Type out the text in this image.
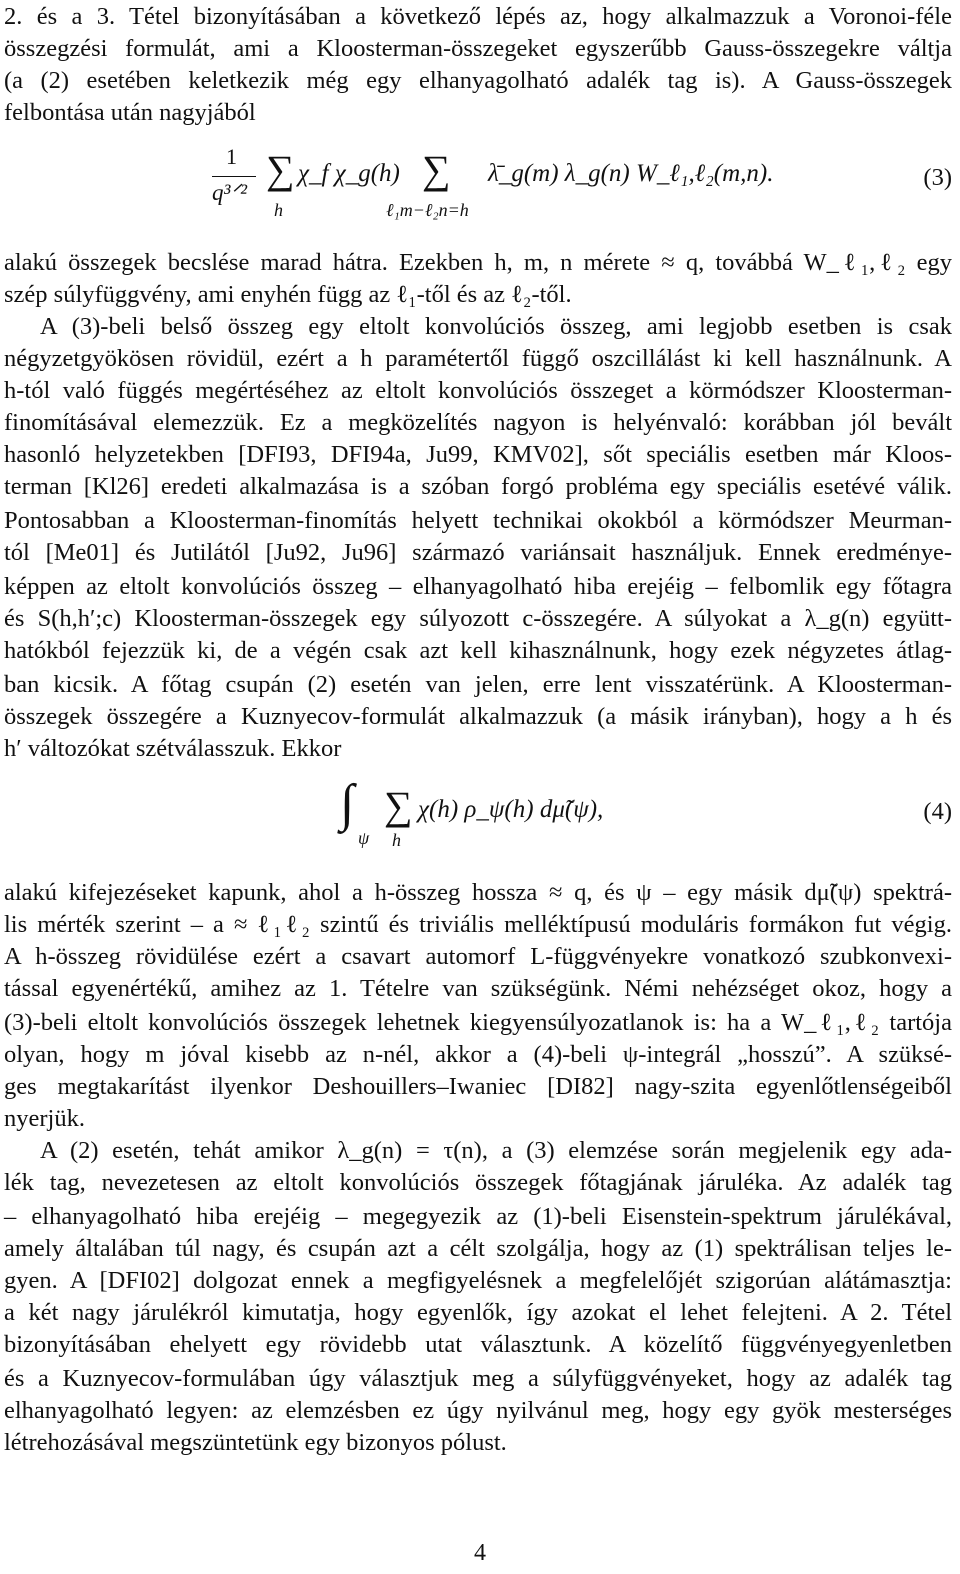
2. és a 3. Tétel bizonyításában a következő lépés az, hogy alkalmazzuk a Voronoi-féle
összegzési formulát, ami a Kloosterman-összegeket egyszerűbb Gauss-összegekre váltja
(a (2) esetében keletkezik még egy elhanyagolható adalék tag is). A Gauss-összegek
felbontása után nagyjából
1
q³ᐟ²
∑
h
χ_f χ_g(h) ∑
ℓ₁m−ℓ₂n=h
λ̄_g(m) λ_g(n) W_ℓ₁,ℓ₂(m,n).	(3)
alakú összegek becslése marad hátra. Ezekben h, m, n mérete ≈ q, továbbá W_ℓ₁,ℓ₂ egy
szép súlyfüggvény, ami enyhén függ az ℓ₁-től és az ℓ₂-től.
A (3)-beli belső összeg egy eltolt konvolúciós összeg, ami legjobb esetben is csak
négyzetgyökösen rövidül, ezért a h paramétertől függő oszcillálást ki kell használnunk. A
h-tól való függés megértéséhez az eltolt konvolúciós összeget a körmódszer Kloosterman-
finomításával elemezzük. Ez a megközelítés nagyon is helyénvaló: korábban jól bevált
hasonló helyzetekben [DFI93, DFI94a, Ju99, KMV02], sőt speciális esetben már Kloos-
terman [Kl26] eredeti alkalmazása is a szóban forgó probléma egy speciális esetévé válik.
Pontosabban a Kloosterman-finomítás helyett technikai okokból a körmódszer Meurman-
tól [Me01] és Jutilától [Ju92, Ju96] származó variánsait használjuk. Ennek eredménye-
képpen az eltolt konvolúciós összeg – elhanyagolható hiba erejéig – felbomlik egy főtagra
és S(h,h′;c) Kloosterman-összegek egy súlyozott c-összegére. A súlyokat a λ_g(n) együtt-
hatókból fejezzük ki, de a végén csak azt kell kihasználnunk, hogy ezek négyzetes átlag-
ban kicsik. A főtag csupán (2) esetén van jelen, erre lent visszatérünk. A Kloosterman-
összegek összegére a Kuznyecov-formulát alkalmazzuk (a másik irányban), hogy a h és
h′ változókat szétválasszuk. Ekkor
∫
ψ
∑
h
χ(h) ρ_ψ(h) dμ̃(ψ),	(4)
alakú kifejezéseket kapunk, ahol a h-összeg hossza ≈ q, és ψ – egy másik dμ̃(ψ) spektrá-
lis mérték szerint – a ≈ ℓ₁ℓ₂ szintű és triviális melléktípusú moduláris formákon fut végig.
A h-összeg rövidülése ezért a csavart automorf L-függvényekre vonatkozó szubkonvexi-
tással egyenértékű, amihez az 1. Tételre van szükségünk. Némi nehézséget okoz, hogy a
(3)-beli eltolt konvolúciós összegek lehetnek kiegyensúlyozatlanok is: ha a W_ℓ₁,ℓ₂ tartója
olyan, hogy m jóval kisebb az n-nél, akkor a (4)-beli ψ-integrál „hosszú”. A szüksé-
ges megtakarítást ilyenkor Deshouillers–Iwaniec [DI82] nagy-szita egyenlőtlenségeiből
nyerjük.
A (2) esetén, tehát amikor λ_g(n) = τ(n), a (3) elemzése során megjelenik egy ada-
lék tag, nevezetesen az eltolt konvolúciós összegek főtagjának járuléka. Az adalék tag
– elhanyagolható hiba erejéig – megegyezik az (1)-beli Eisenstein-spektrum járulékával,
amely általában túl nagy, és csupán azt a célt szolgálja, hogy az (1) spektrálisan teljes le-
gyen. A [DFI02] dolgozat ennek a megfigyelésnek a megfelelőjét szigorúan alátámasztja:
a két nagy járulékról kimutatja, hogy egyenlők, így azokat el lehet felejteni. A 2. Tétel
bizonyításában ehelyett egy rövidebb utat választunk. A közelítő függvényegyenletben
és a Kuznyecov-formulában úgy választjuk meg a súlyfüggvényeket, hogy az adalék tag
elhanyagolható legyen: az elemzésben ez úgy nyilvánul meg, hogy egy gyök mesterséges
létrehozásával megszüntetünk egy bizonyos pólust.
4
